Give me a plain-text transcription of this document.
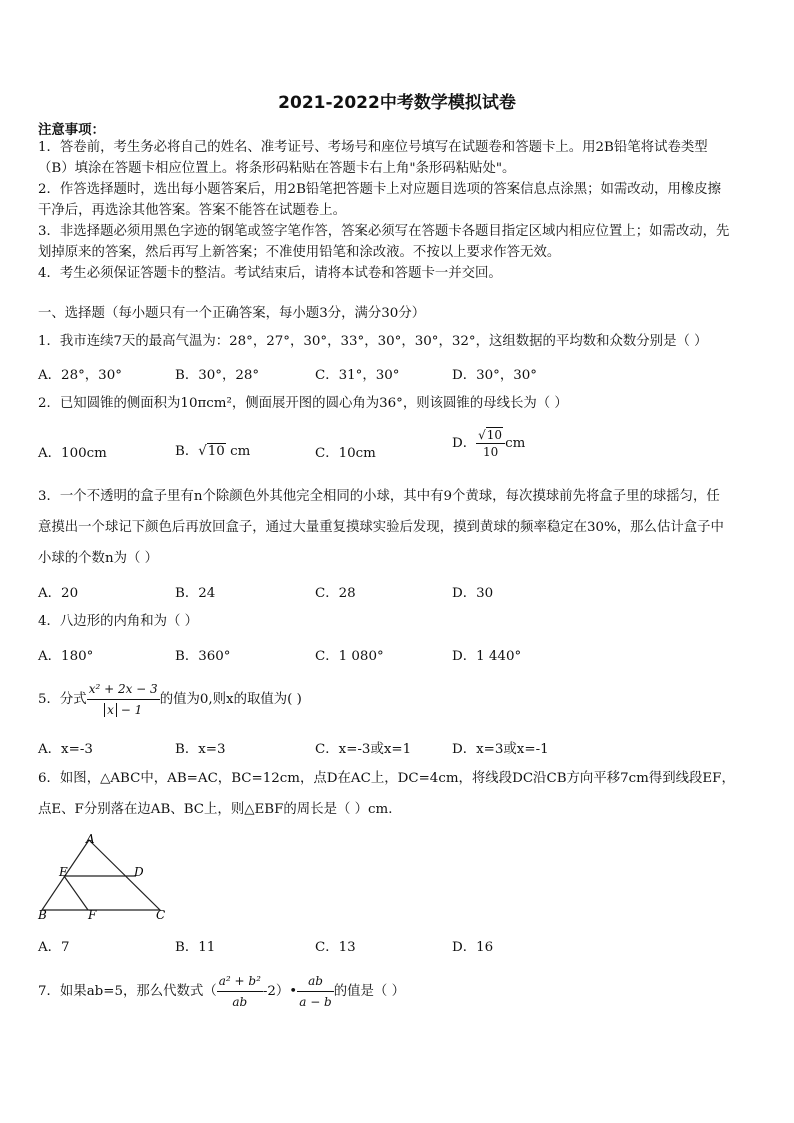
2021-2022中考数学模拟试卷
注意事项：
1．答卷前，考生务必将自己的姓名、准考证号、考场号和座位号填写在试题卷和答题卡上。用2B铅笔将试卷类型
（B）填涂在答题卡相应位置上。将条形码粘贴在答题卡右上角"条形码粘贴处"。
2．作答选择题时，选出每小题答案后，用2B铅笔把答题卡上对应题目选项的答案信息点涂黑；如需改动，用橡皮擦
干净后，再选涂其他答案。答案不能答在试题卷上。
3．非选择题必须用黑色字迹的钢笔或签字笔作答，答案必须写在答题卡各题目指定区域内相应位置上；如需改动，先
划掉原来的答案，然后再写上新答案；不准使用铅笔和涂改液。不按以上要求作答无效。
4．考生必须保证答题卡的整洁。考试结束后，请将本试卷和答题卡一并交回。
一、选择题（每小题只有一个正确答案，每小题3分，满分30分）
1．我市连续7天的最高气温为：28°，27°，30°，33°，30°，30°，32°，这组数据的平均数和众数分别是（ ）
A．28°，30°	B．30°，28°	C．31°，30°	D．30°，30°
2．已知圆锥的侧面积为10πcm²，侧面展开图的圆心角为36°，则该圆锥的母线长为（ ）
A．100cm	B．√10 cm	C．10cm
D． $\frac{√10}{10}$ cm
3．一个不透明的盒子里有n个除颜色外其他完全相同的小球，其中有9个黄球，每次摸球前先将盒子里的球摇匀，任
意摸出一个球记下颜色后再放回盒子，通过大量重复摸球实验后发现，摸到黄球的频率稳定在30%，那么估计盒子中
小球的个数n为（ ）
A．20	B．24	C．28	D．30
4．八边形的内角和为（ ）
A．180°	B．360°	C．1 080°	D．1 440°
5．分式 $\frac{\text{x² + 2x − 3}}{x - 1}$ 的值为0,则x的取值为( )
A．x=-3	B．x=3	C．x=-3或x=1	D．x=3或x=-1
6．如图，△ABC中，AB=AC，BC=12cm，点D在AC上，DC=4cm，将线段DC沿CB方向平移7cm得到线段EF，
点E、F分别落在边AB、BC上，则△EBF的周长是（ ）cm．
A
E	D
B	F	C
A．7	B．11	C．13	D．16
7．如果ab=5，那么代数式（ $\frac{\text{a² + b²}}{ab}$ -2）• $\frac{ab}{a - b}$ 的值是（ ）
